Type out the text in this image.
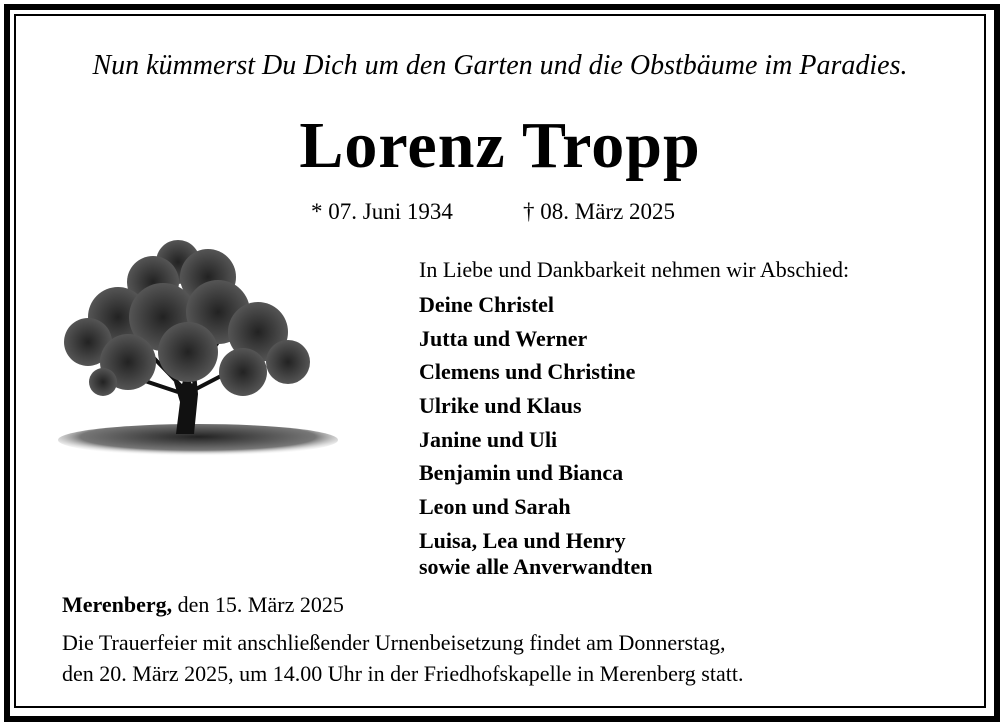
Nun kümmerst Du Dich um den Garten und die Obstbäume im Paradies.
Lorenz Tropp
* 07. Juni 1934	† 08. März 2025
In Liebe und Dankbarkeit nehmen wir Abschied:
Deine Christel
Jutta und Werner
Clemens und Christine
Ulrike und Klaus
Janine und Uli
Benjamin und Bianca
Leon und Sarah
Luisa, Lea und Henry
sowie alle Anverwandten
Merenberg, den 15. März 2025
Die Trauerfeier mit anschließender Urnenbeisetzung findet am Donnerstag,
den 20. März 2025, um 14.00 Uhr in der Friedhofskapelle in Merenberg statt.
